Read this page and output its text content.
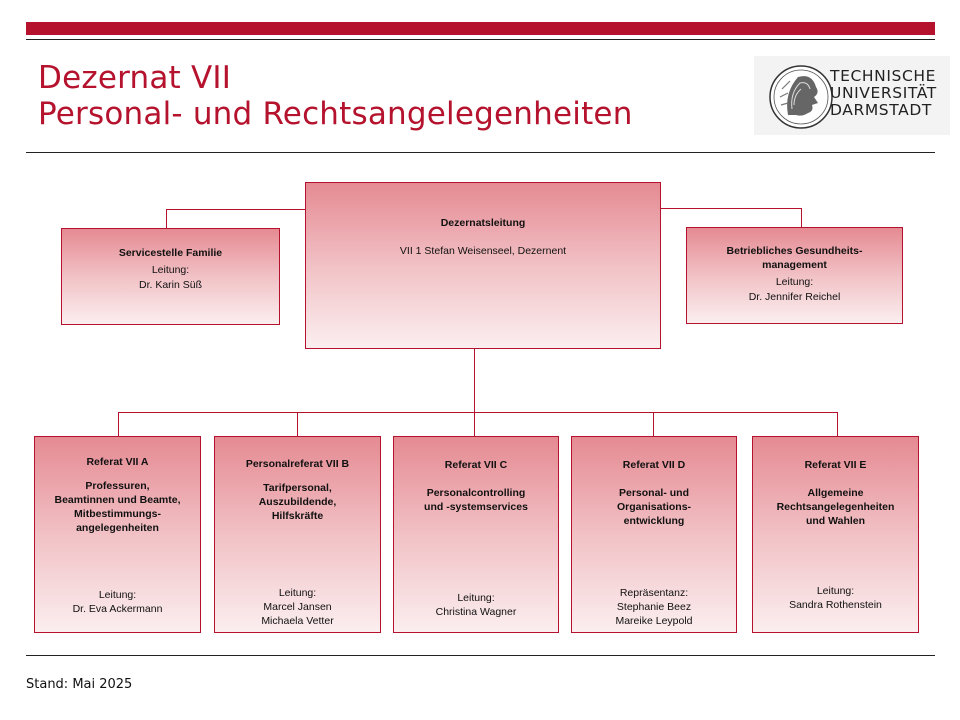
Dezernat VII
Personal- und Rechtsangelegenheiten
TECHNISCHE
UNIVERSITÄT
DARMSTADT
Dezernatsleitung
VII 1 Stefan Weisenseel, Dezernent
Servicestelle Familie
Leitung:
Dr. Karin Süß
Betriebliches Gesundheits-
management
Leitung:
Dr. Jennifer Reichel
Referat VII A
Professuren,
Beamtinnen und Beamte,
Mitbestimmungs-
angelegenheiten
Leitung:
Dr. Eva Ackermann
Personalreferat VII B
Tarifpersonal,
Auszubildende,
Hilfskräfte
Leitung:
Marcel Jansen
Michaela Vetter
Referat VII C
Personalcontrolling
und -systemservices
Leitung:
Christina Wagner
Referat VII D
Personal- und
Organisations-
entwicklung
Repräsentanz:
Stephanie Beez
Mareike Leypold
Referat VII E
Allgemeine
Rechtsangelegenheiten
und Wahlen
Leitung:
Sandra Rothenstein
Stand: Mai 2025
